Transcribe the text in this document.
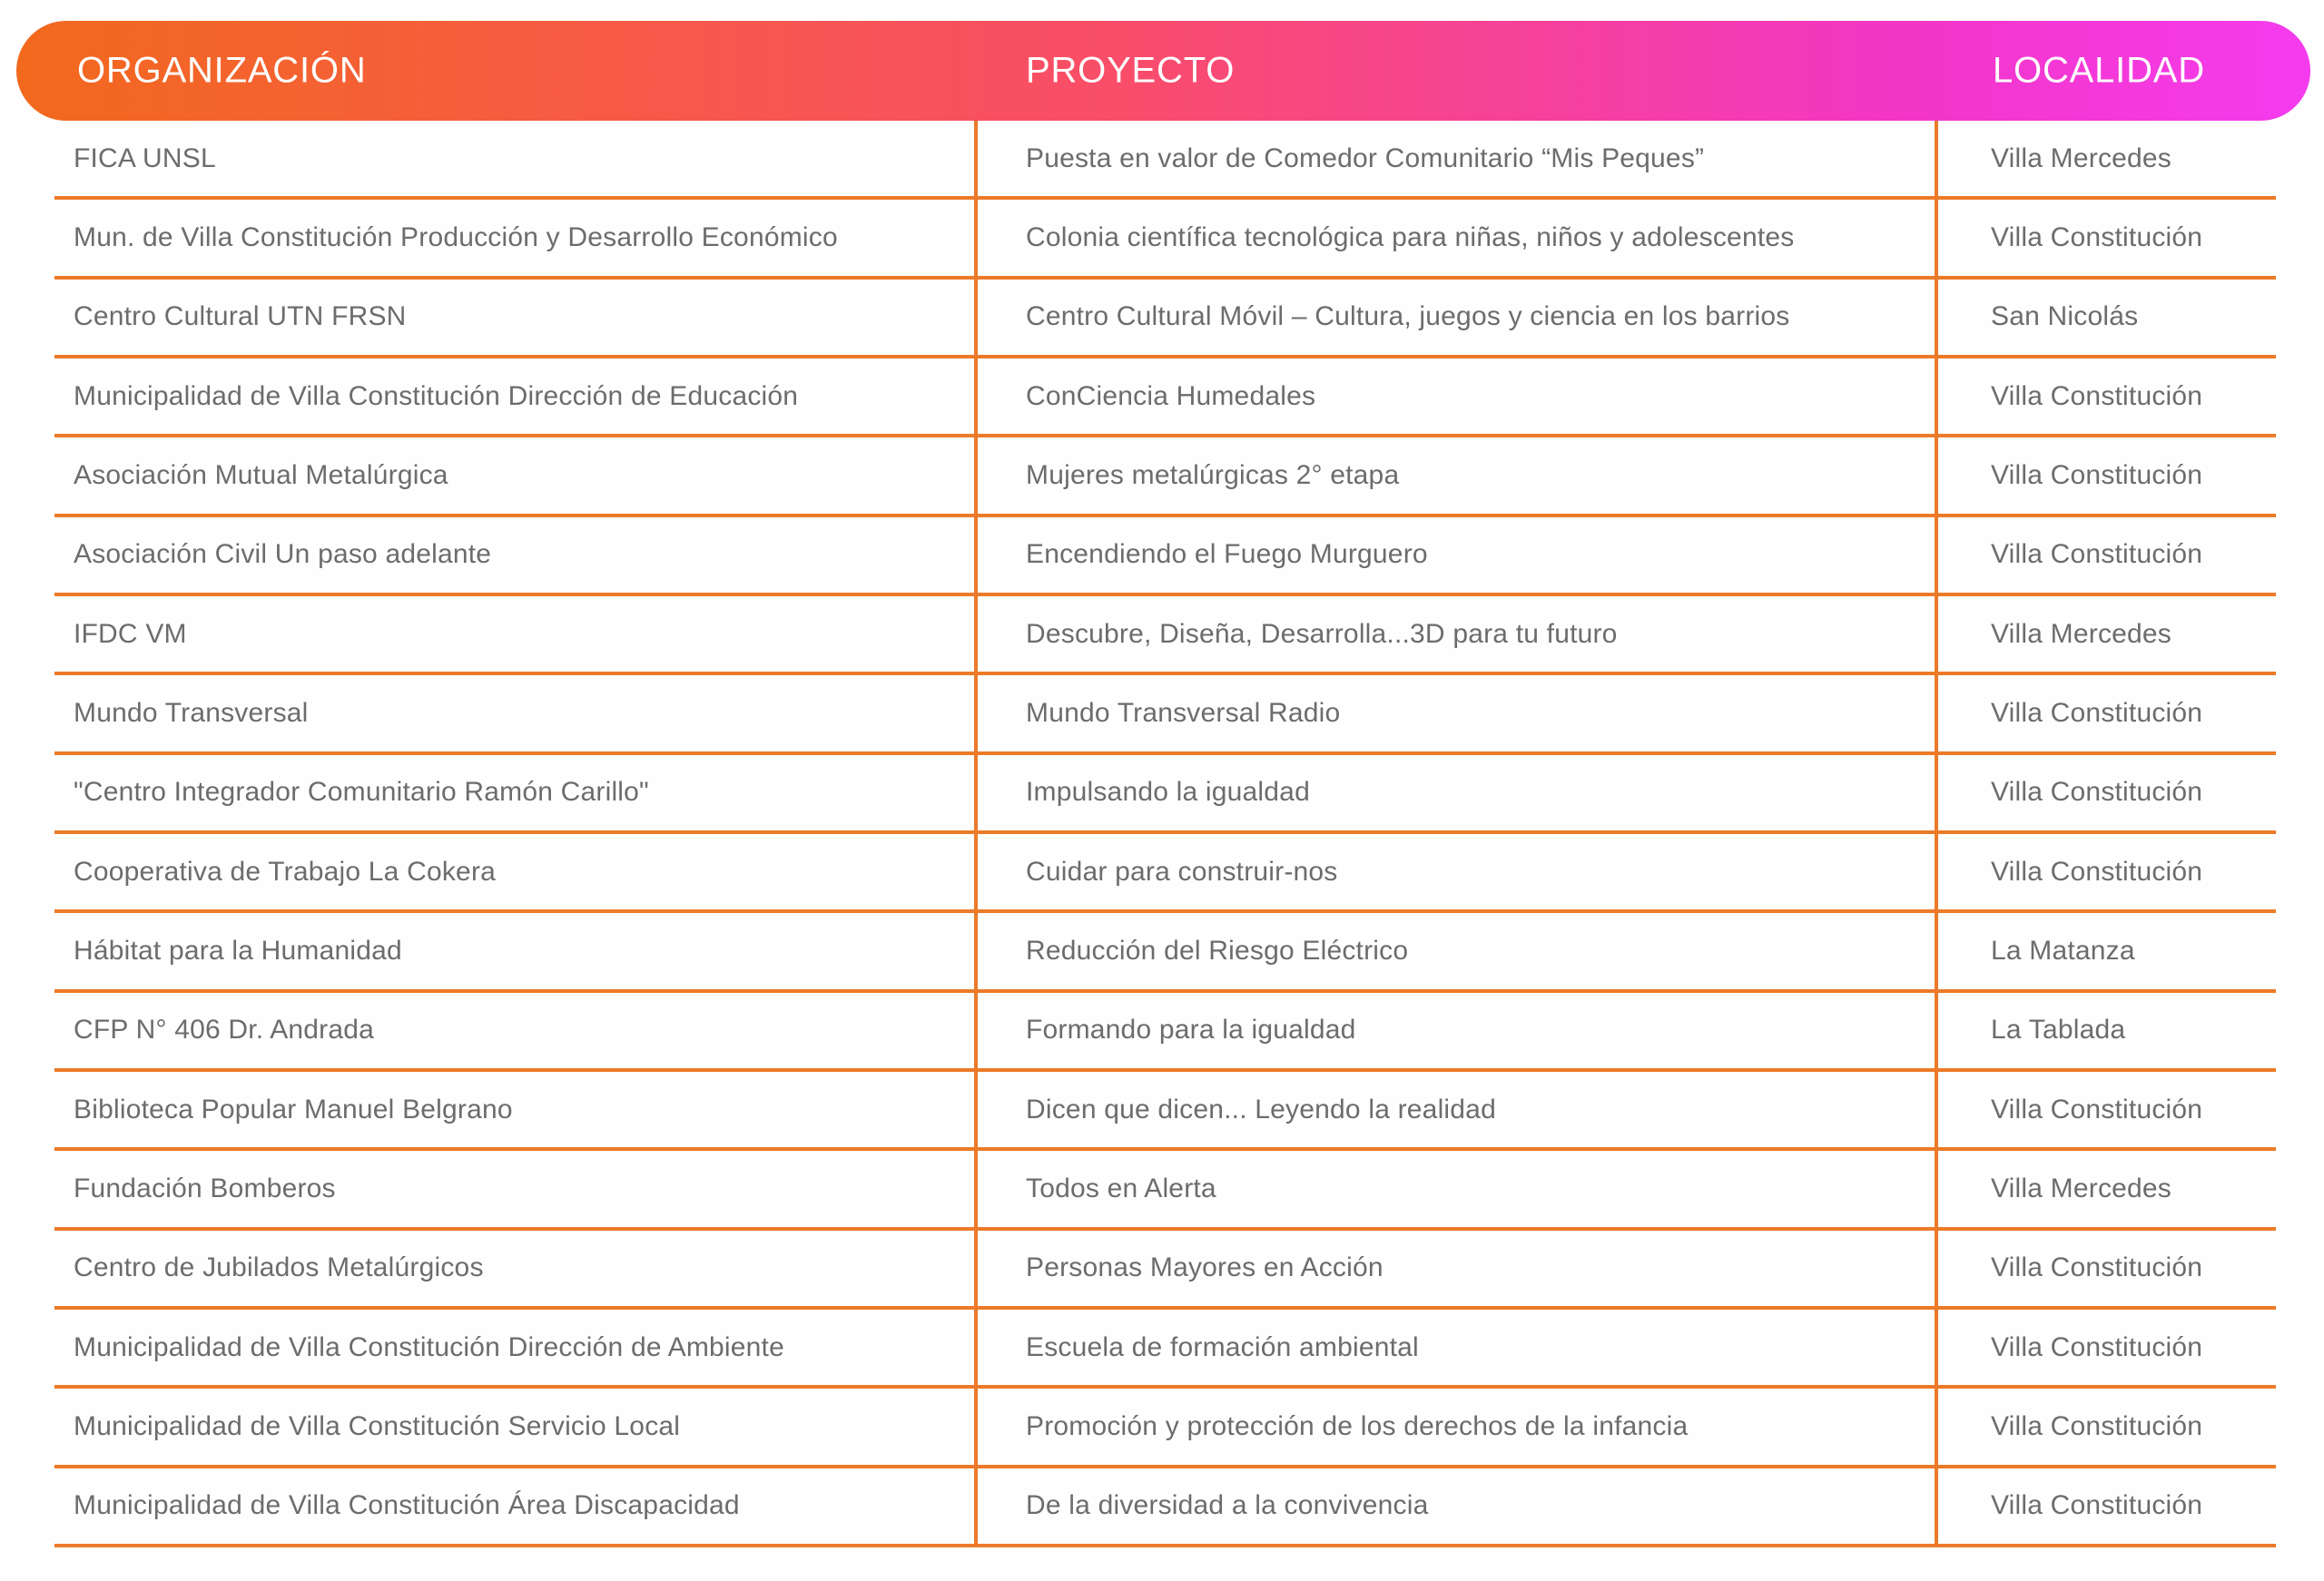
ORGANIZACIÓN	PROYECTO	LOCALIDAD
FICA UNSL	Puesta en valor de Comedor Comunitario “Mis Peques”	Villa Mercedes
Mun. de Villa Constitución Producción y Desarrollo Económico	Colonia científica tecnológica para niñas, niños y adolescentes	Villa Constitución
Centro Cultural UTN FRSN	Centro Cultural Móvil – Cultura, juegos y ciencia en los barrios	San Nicolás
Municipalidad de Villa Constitución Dirección de Educación	ConCiencia Humedales	Villa Constitución
Asociación Mutual Metalúrgica	Mujeres metalúrgicas 2° etapa	Villa Constitución
Asociación Civil Un paso adelante	Encendiendo el Fuego Murguero	Villa Constitución
IFDC VM	Descubre, Diseña, Desarrolla...3D para tu futuro	Villa Mercedes
Mundo Transversal	Mundo Transversal Radio	Villa Constitución
"Centro Integrador Comunitario Ramón Carillo"	Impulsando la igualdad	Villa Constitución
Cooperativa de Trabajo La Cokera	Cuidar para construir-nos	Villa Constitución
Hábitat para la Humanidad	Reducción del Riesgo Eléctrico	La Matanza
CFP N° 406 Dr. Andrada	Formando para la igualdad	La Tablada
Biblioteca Popular Manuel Belgrano	Dicen que dicen... Leyendo la realidad	Villa Constitución
Fundación Bomberos	Todos en Alerta	Villa Mercedes
Centro de Jubilados Metalúrgicos	Personas Mayores en Acción	Villa Constitución
Municipalidad de Villa Constitución Dirección de Ambiente	Escuela de formación ambiental	Villa Constitución
Municipalidad de Villa Constitución Servicio Local	Promoción y protección de los derechos de la infancia	Villa Constitución
Municipalidad de Villa Constitución Área Discapacidad	De la diversidad a la convivencia	Villa Constitución
